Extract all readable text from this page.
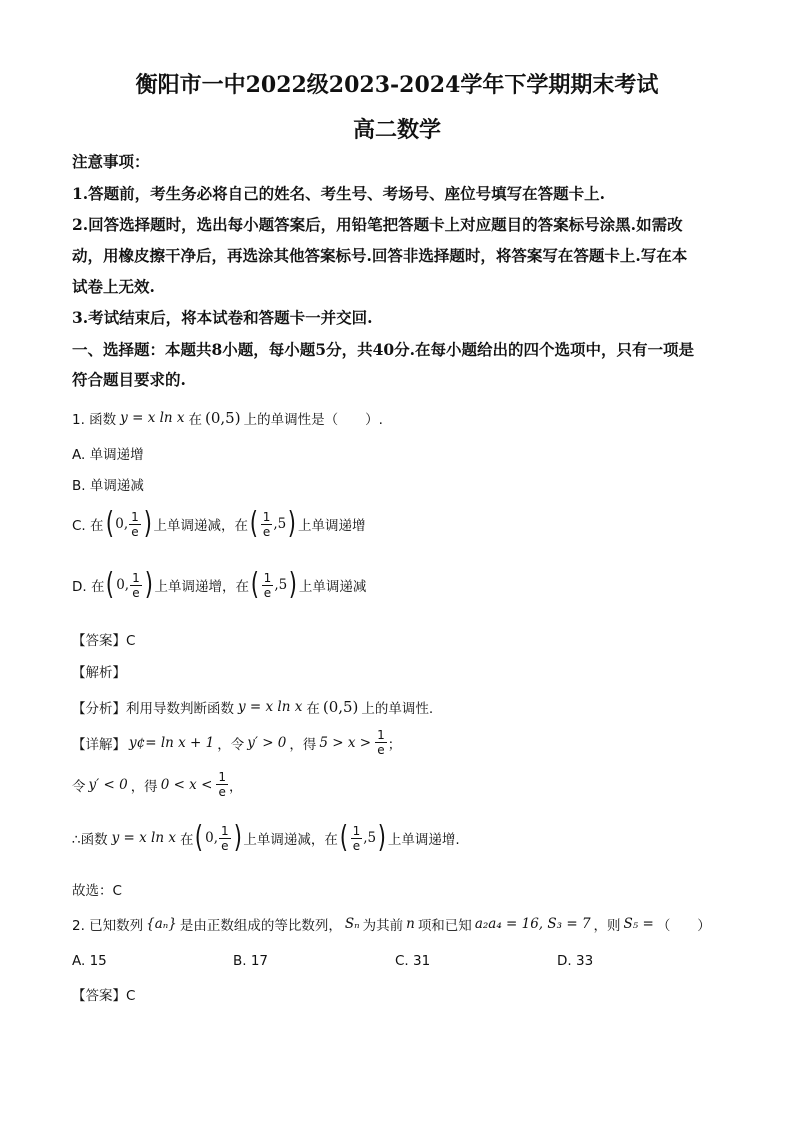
衡阳市一中2022级2023-2024学年下学期期末考试
高二数学
注意事项：
1.答题前，考生务必将自己的姓名、考生号、考场号、座位号填写在答题卡上.
2.回答选择题时，选出每小题答案后，用铅笔把答题卡上对应题目的答案标号涂黑.如需改
动，用橡皮擦干净后，再选涂其他答案标号.回答非选择题时，将答案写在答题卡上.写在本
试卷上无效.
3.考试结束后，将本试卷和答题卡一并交回.
一、选择题：本题共8小题，每小题5分，共40分.在每小题给出的四个选项中，只有一项是
符合题目要求的.
1. 函数 y = x ln x 在 (0,5) 上的单调性是（　　）.
A. 单调递增
B. 单调递减
C. 在 ( 0, $\frac{1}{e}$ ) 上单调递减，在 ( $\frac{1}{e} ,5$ ) 上单调递增
D. 在 ( 0, $\frac{1}{e}$ ) 上单调递增，在 ( $\frac{1}{e} ,5$ ) 上单调递减
【答案】C
【解析】
【分析】利用导数判断函数 y = x ln x 在 (0,5) 上的单调性.
【详解】 y¢= ln x + 1 ，令 y′ > 0 ，得 $5 > x > \frac{1}{e}$ ；
令 y′ < 0 ，得 $0 < x < \frac{1}{e}$ ，
∴函数 y = x ln x 在 ( 0, $\frac{1}{e}$ ) 上单调递减，在 ( $\frac{1}{e} ,5$ ) 上单调递增.
故选：C
2. 已知数列 {aₙ} 是由正数组成的等比数列， Sₙ 为其前 n 项和已知 a₂a₄ = 16, S₃ = 7 ，则 S₅ = （　　）
A. 15	B. 17	C. 31	D. 33
【答案】C
